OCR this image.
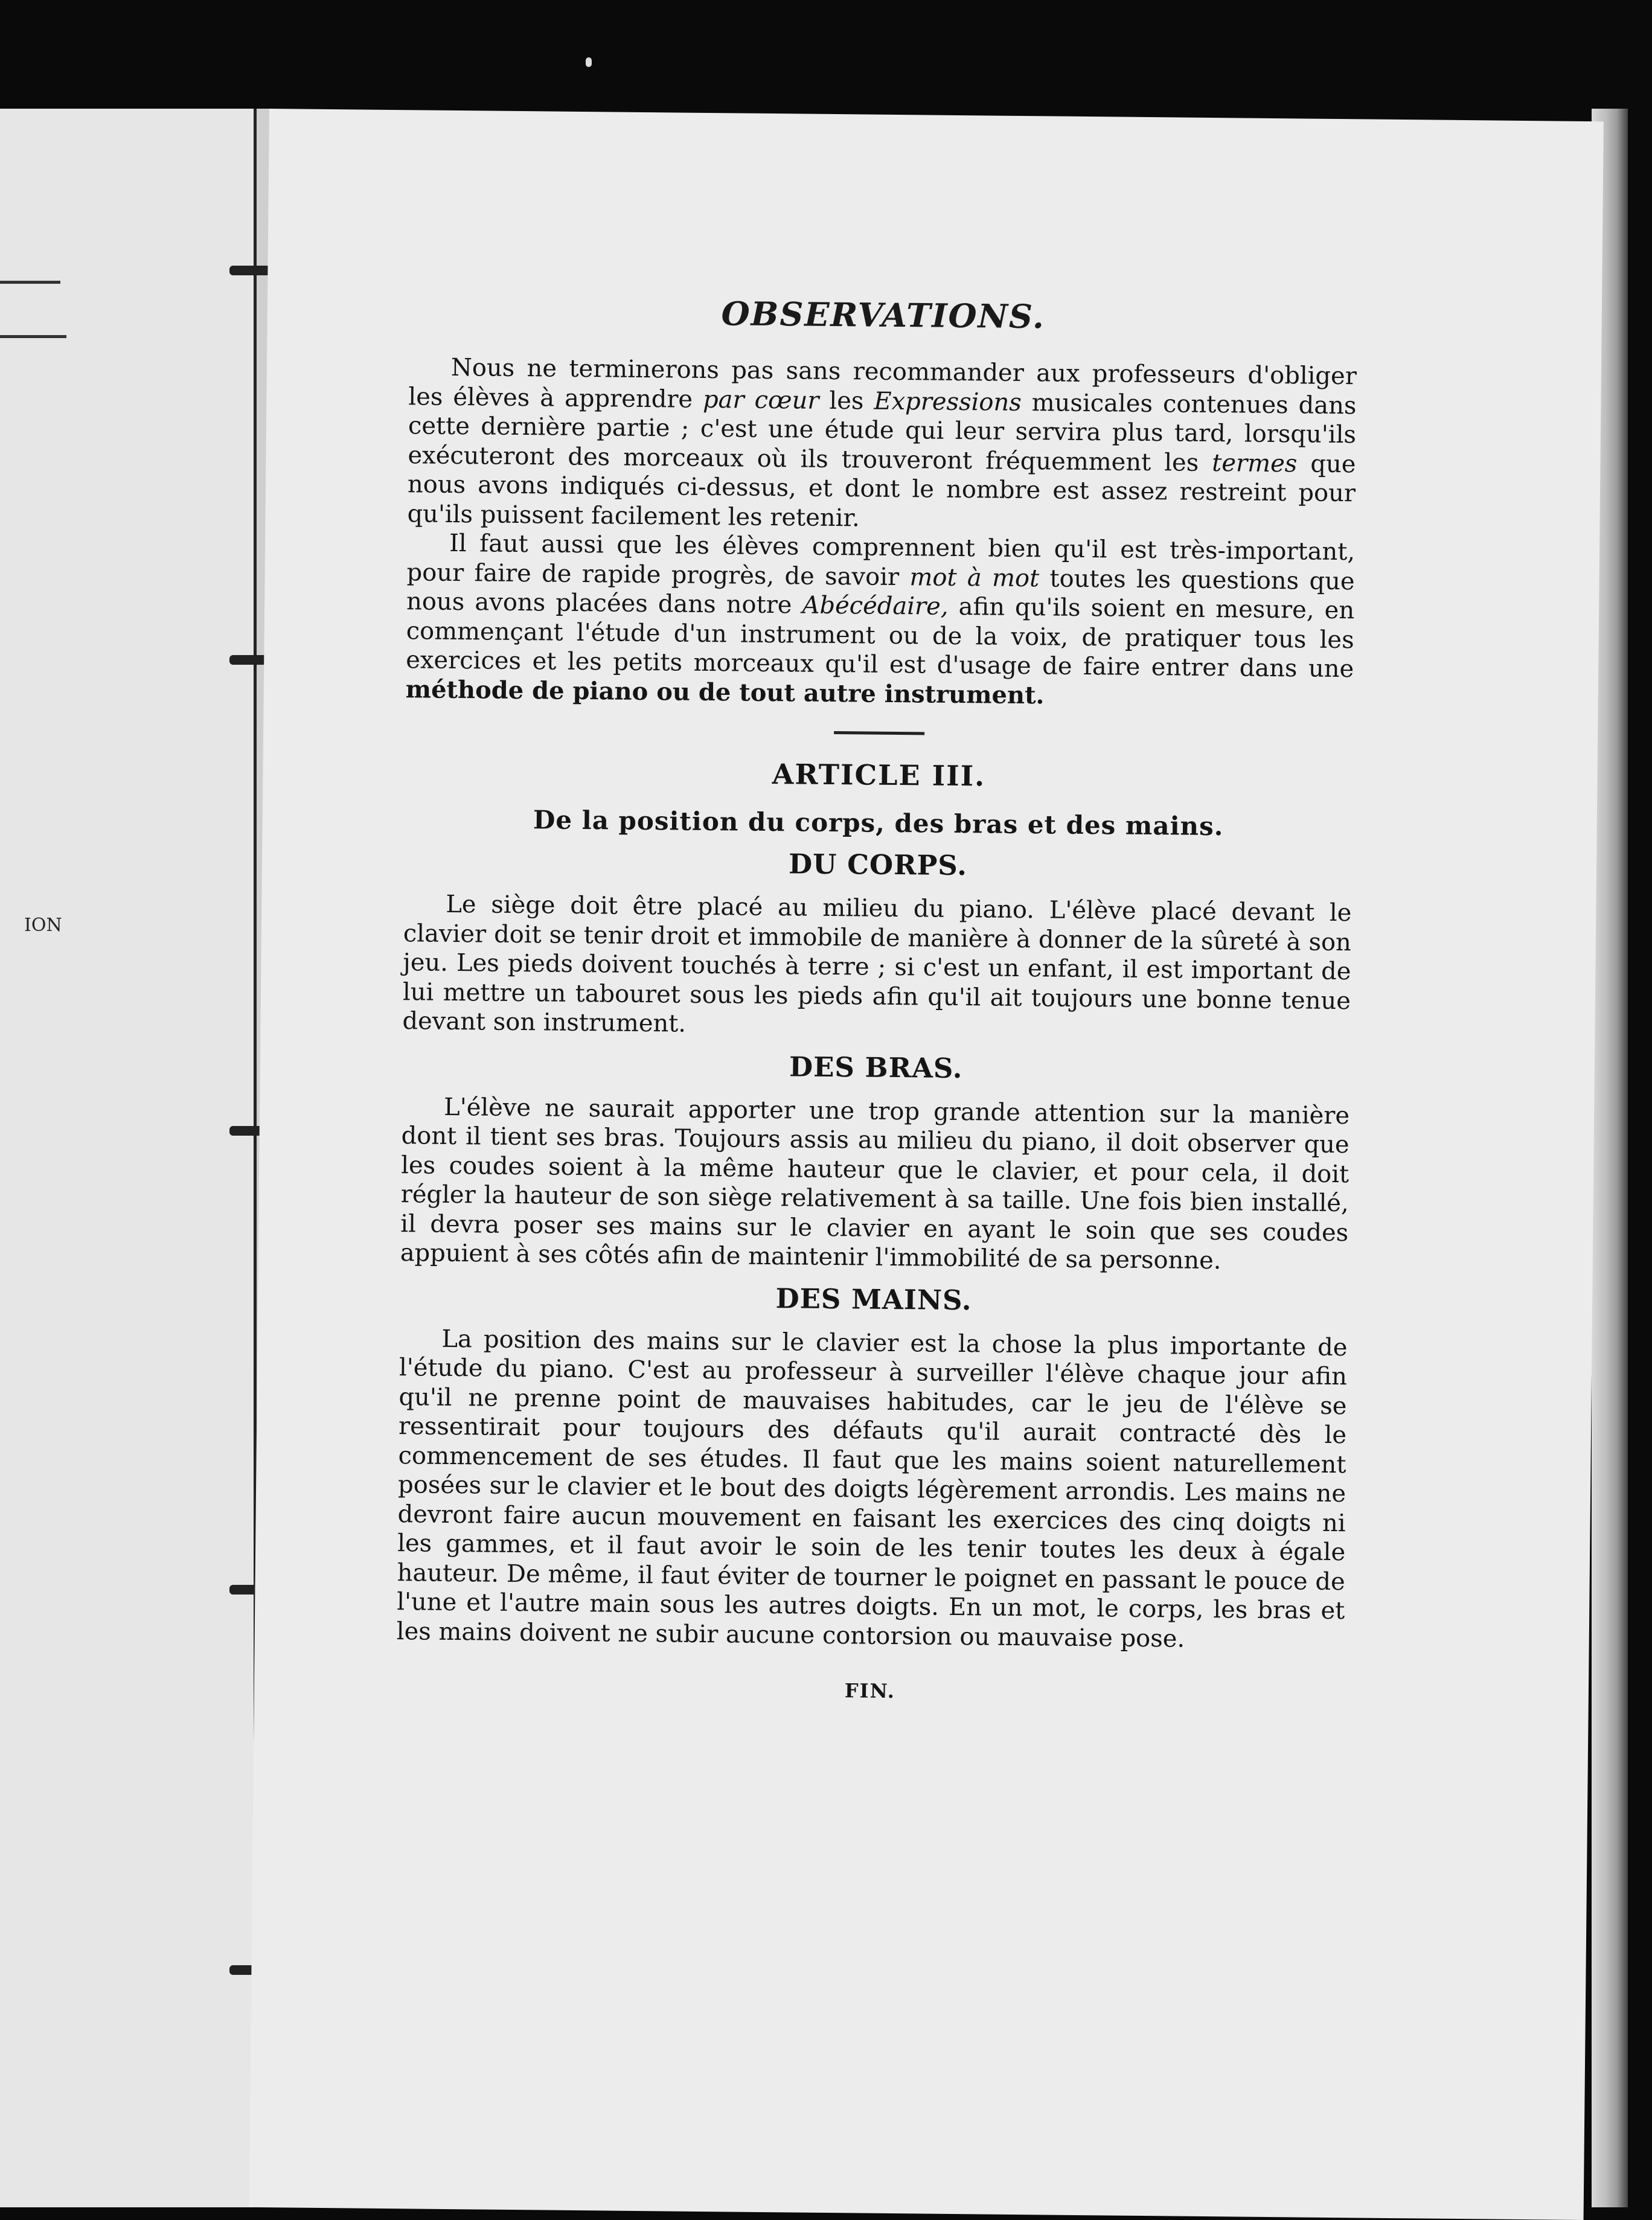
ION
OBSERVATIONS.

Nous ne terminerons pas sans recommander aux professeurs d'obliger les élèves à apprendre par cœur les Expressions musicales contenues dans cette dernière partie ; c'est une étude qui leur servira plus tard, lorsqu'ils exécuteront des morceaux où ils trouveront fréquemment les termes que nous avons indiqués ci-dessus, et dont le nombre est assez restreint pour qu'ils puissent facilement les retenir.

Il faut aussi que les élèves comprennent bien qu'il est très-important, pour faire de rapide progrès, de savoir mot à mot toutes les questions que nous avons placées dans notre Abécédaire, afin qu'ils soient en mesure, en commençant l'étude d'un instrument ou de la voix, de pratiquer tous les exercices et les petits morceaux qu'il est d'usage de faire entrer dans une méthode de piano ou de tout autre instrument.

ARTICLE III.
De la position du corps, des bras et des mains.
DU CORPS.

Le siège doit être placé au milieu du piano. L'élève placé devant le clavier doit se tenir droit et immobile de manière à donner de la sûreté à son jeu. Les pieds doivent touchés à terre ; si c'est un enfant, il est important de lui mettre un tabouret sous les pieds afin qu'il ait toujours une bonne tenue devant son instrument.

DES BRAS.

L'élève ne saurait apporter une trop grande attention sur la manière dont il tient ses bras. Toujours assis au milieu du piano, il doit observer que les coudes soient à la même hauteur que le clavier, et pour cela, il doit régler la hauteur de son siège relativement à sa taille. Une fois bien installé, il devra poser ses mains sur le clavier en ayant le soin que ses coudes appuient à ses côtés afin de maintenir l'immobilité de sa personne.

DES MAINS.

La position des mains sur le clavier est la chose la plus importante de l'étude du piano. C'est au professeur à surveiller l'élève chaque jour afin qu'il ne prenne point de mauvaises habitudes, car le jeu de l'élève se ressentirait pour toujours des défauts qu'il aurait contracté dès le commencement de ses études. Il faut que les mains soient naturellement posées sur le clavier et le bout des doigts légèrement arrondis. Les mains ne devront faire aucun mouvement en faisant les exercices des cinq doigts ni les gammes, et il faut avoir le soin de les tenir toutes les deux à égale hauteur. De même, il faut éviter de tourner le poignet en passant le pouce de l'une et l'autre main sous les autres doigts. En un mot, le corps, les bras et les mains doivent ne subir aucune contorsion ou mauvaise pose.

FIN.
